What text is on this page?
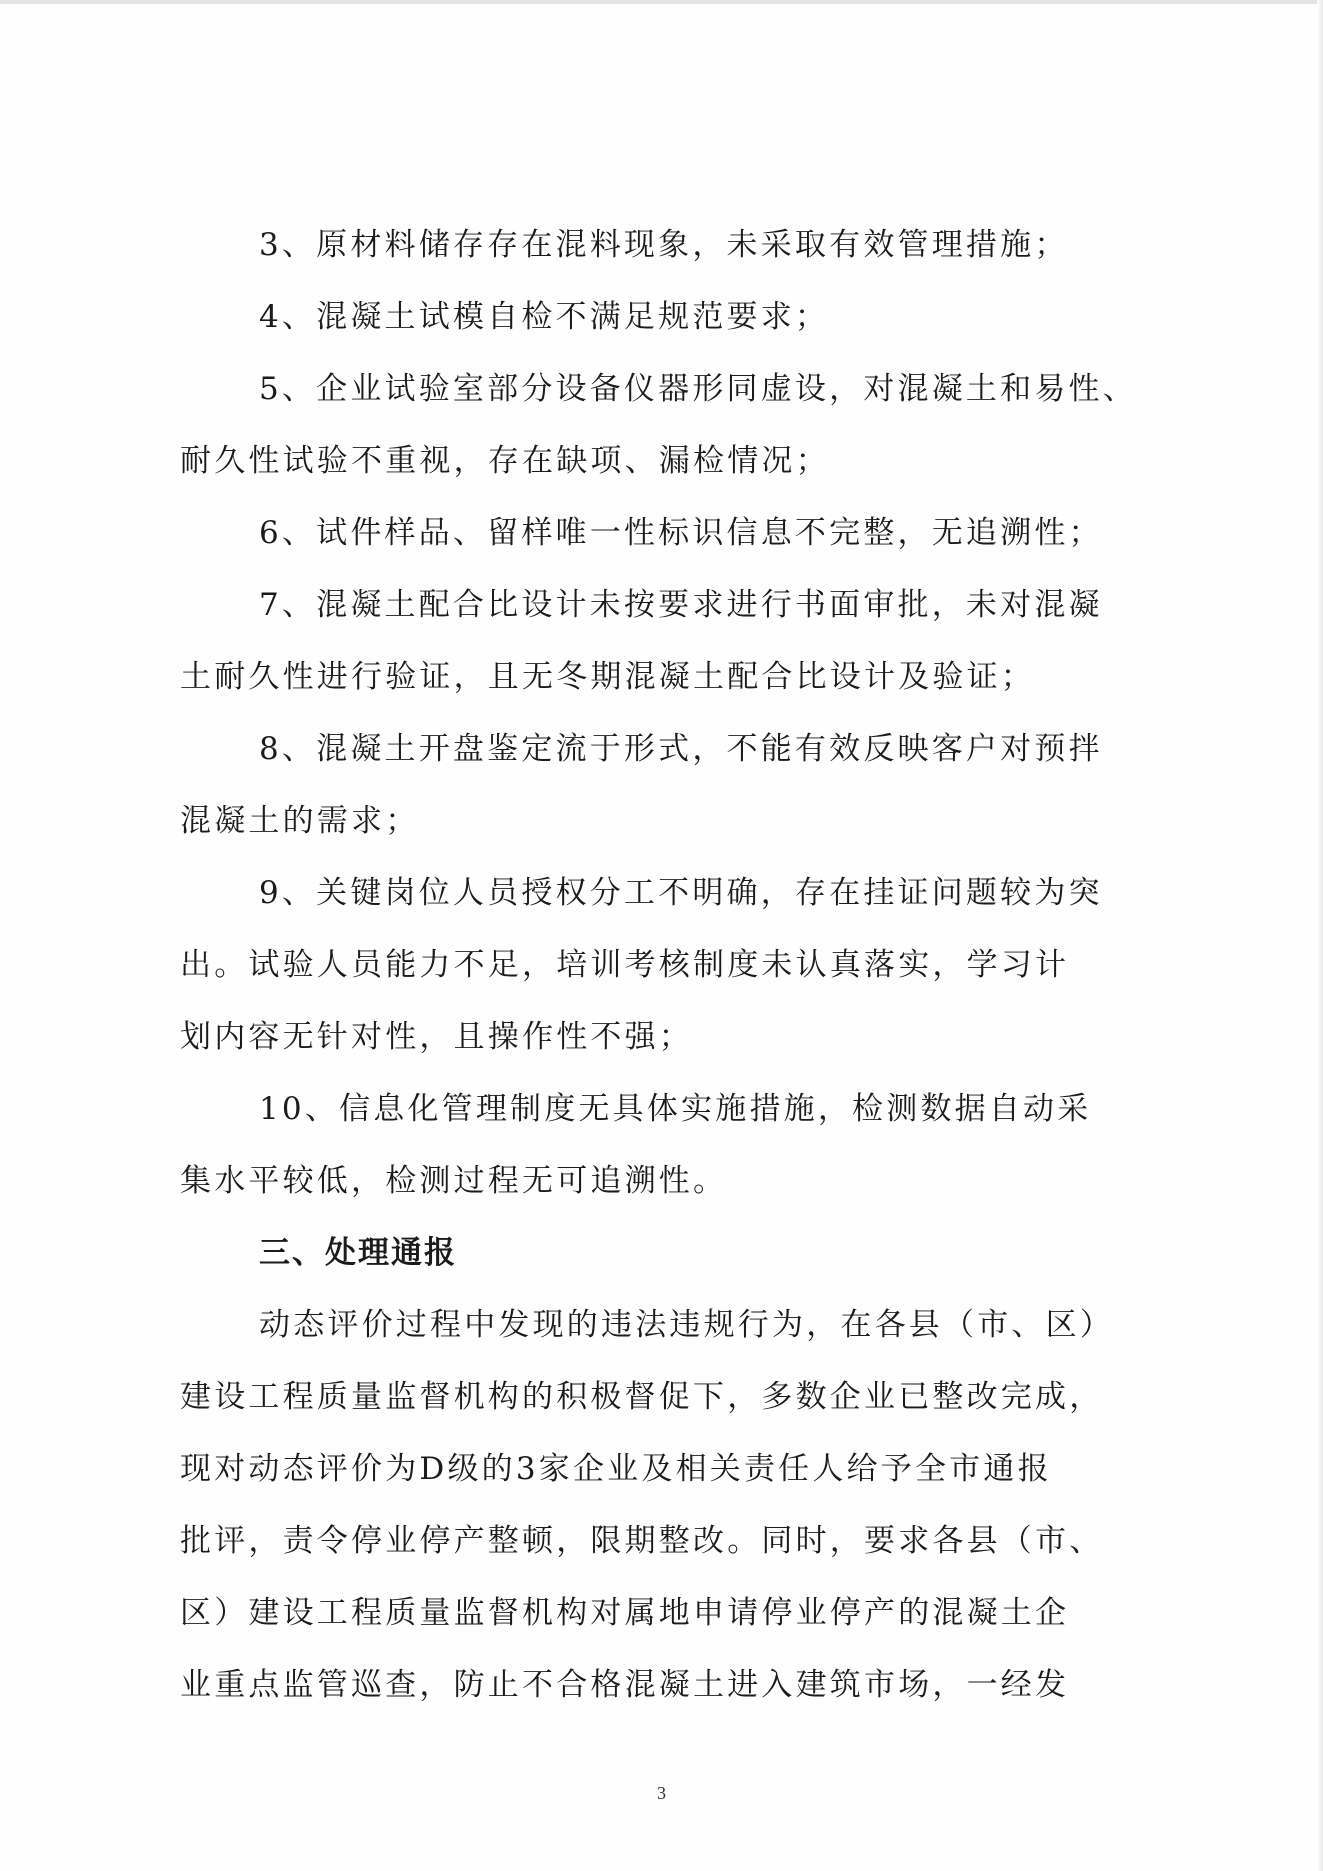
3、原材料储存存在混料现象，未采取有效管理措施；
4、混凝土试模自检不满足规范要求；
5、企业试验室部分设备仪器形同虚设，对混凝土和易性、
耐久性试验不重视，存在缺项、漏检情况；
6、试件样品、留样唯一性标识信息不完整，无追溯性；
7、混凝土配合比设计未按要求进行书面审批，未对混凝
土耐久性进行验证，且无冬期混凝土配合比设计及验证；
8、混凝土开盘鉴定流于形式，不能有效反映客户对预拌
混凝土的需求；
9、关键岗位人员授权分工不明确，存在挂证问题较为突
出。试验人员能力不足，培训考核制度未认真落实，学习计
划内容无针对性，且操作性不强；
10、信息化管理制度无具体实施措施，检测数据自动采
集水平较低，检测过程无可追溯性。
三、处理通报
动态评价过程中发现的违法违规行为，在各县（市、区）
建设工程质量监督机构的积极督促下，多数企业已整改完成，
现对动态评价为D级的3家企业及相关责任人给予全市通报
批评，责令停业停产整顿，限期整改。同时，要求各县（市、
区）建设工程质量监督机构对属地申请停业停产的混凝土企
业重点监管巡查，防止不合格混凝土进入建筑市场，一经发
3
